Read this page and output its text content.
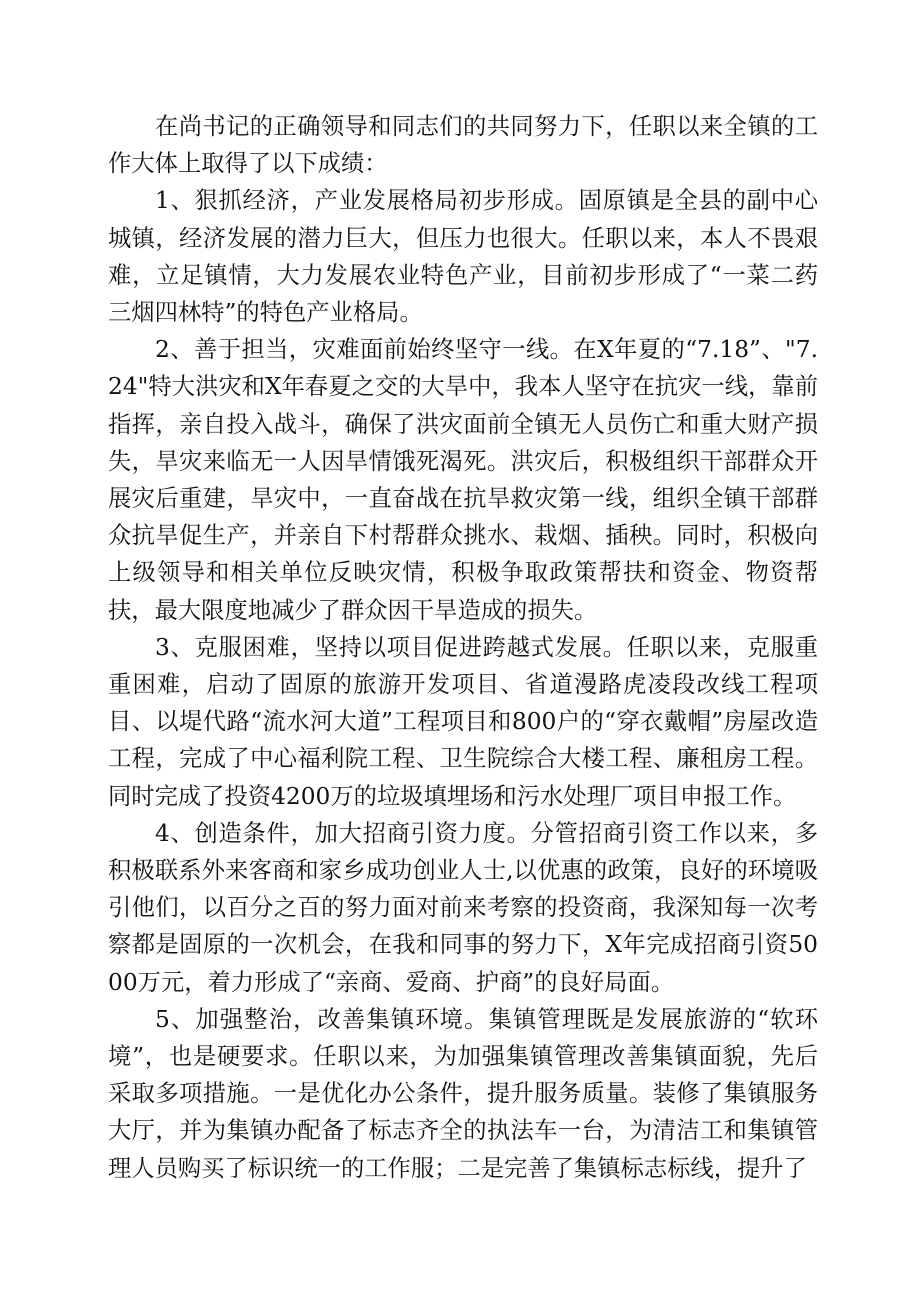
在尚书记的正确领导和同志们的共同努力下，任职以来全镇的工作大体上取得了以下成绩：

1、狠抓经济，产业发展格局初步形成。固原镇是全县的副中心城镇，经济发展的潜力巨大，但压力也很大。任职以来，本人不畏艰难，立足镇情，大力发展农业特色产业，目前初步形成了“一菜二药三烟四林特”的特色产业格局。

2、善于担当，灾难面前始终坚守一线。在X年夏的“7.18”、"7.24"特大洪灾和X年春夏之交的大旱中，我本人坚守在抗灾一线，靠前指挥，亲自投入战斗，确保了洪灾面前全镇无人员伤亡和重大财产损失，旱灾来临无一人因旱情饿死渴死。洪灾后，积极组织干部群众开展灾后重建，旱灾中，一直奋战在抗旱救灾第一线，组织全镇干部群众抗旱促生产，并亲自下村帮群众挑水、栽烟、插秧。同时，积极向上级领导和相关单位反映灾情，积极争取政策帮扶和资金、物资帮扶，最大限度地减少了群众因干旱造成的损失。

3、克服困难，坚持以项目促进跨越式发展。任职以来，克服重重困难，启动了固原的旅游开发项目、省道漫路虎凌段改线工程项目、以堤代路“流水河大道”工程项目和800户的“穿衣戴帽”房屋改造工程，完成了中心福利院工程、卫生院综合大楼工程、廉租房工程。同时完成了投资4200万的垃圾填埋场和污水处理厂项目申报工作。

4、创造条件，加大招商引资力度。分管招商引资工作以来，多积极联系外来客商和家乡成功创业人士,以优惠的政策，良好的环境吸引他们，以百分之百的努力面对前来考察的投资商，我深知每一次考察都是固原的一次机会，在我和同事的努力下，X年完成招商引资5000万元，着力形成了“亲商、爱商、护商”的良好局面。

5、加强整治，改善集镇环境。集镇管理既是发展旅游的“软环境”，也是硬要求。任职以来，为加强集镇管理改善集镇面貌，先后采取多项措施。一是优化办公条件，提升服务质量。装修了集镇服务大厅，并为集镇办配备了标志齐全的执法车一台，为清洁工和集镇管理人员购买了标识统一的工作服；二是完善了集镇标志标线，提升了
